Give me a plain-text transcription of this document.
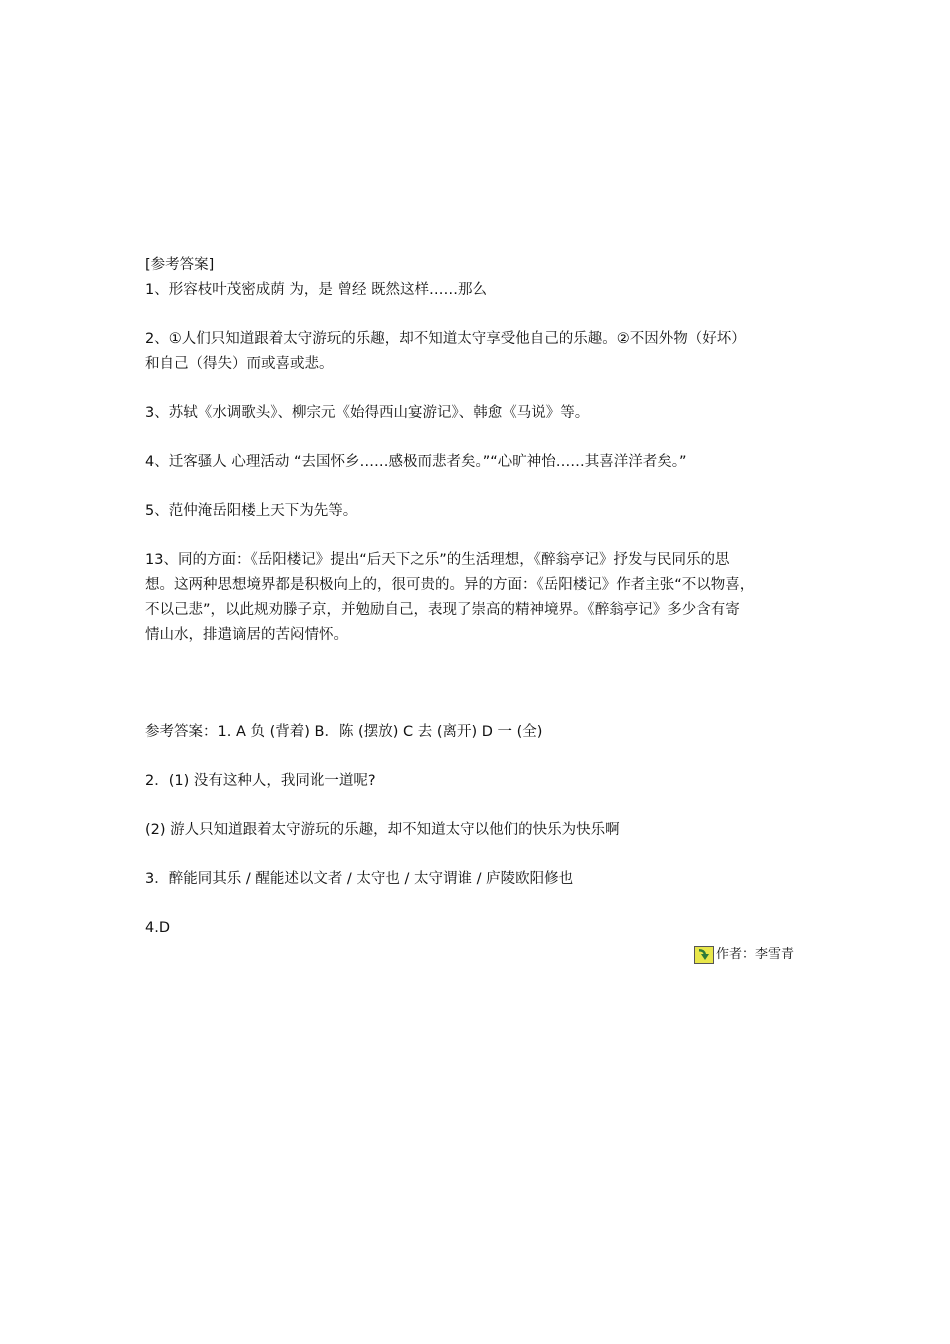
[参考答案]

1、形容枝叶茂密成荫 为，是 曾经 既然这样……那么

2、①人们只知道跟着太守游玩的乐趣，却不知道太守享受他自己的乐趣。②不因外物（好坏）

和自己（得失）而或喜或悲。

3、苏轼《水调歌头》、柳宗元《始得西山宴游记》、韩愈《马说》等。

4、迁客骚人 心理活动 “去国怀乡……感极而悲者矣。”“心旷神怡……其喜洋洋者矣。”

5、范仲淹岳阳楼上天下为先等。

13、同的方面：《岳阳楼记》提出“后天下之乐”的生活理想，《醉翁亭记》抒发与民同乐的思

想。这两种思想境界都是积极向上的，很可贵的。异的方面：《岳阳楼记》作者主张“不以物喜，

不以己悲”，以此规劝滕子京，并勉励自己，表现了崇高的精神境界。《醉翁亭记》多少含有寄

情山水，排遣谪居的苦闷情怀。

参考答案：1. A 负 (背着) B．陈 (摆放) C 去 (离开) D 一 (全)

2．(1) 没有这种人，我同讹一道呢?

(2) 游人只知道跟着太守游玩的乐趣，却不知道太守以他们的快乐为快乐啊

3．醉能同其乐 / 醒能述以文者 / 太守也 / 太守谓谁 / 庐陵欧阳修也

4.D

作者：李雪青
